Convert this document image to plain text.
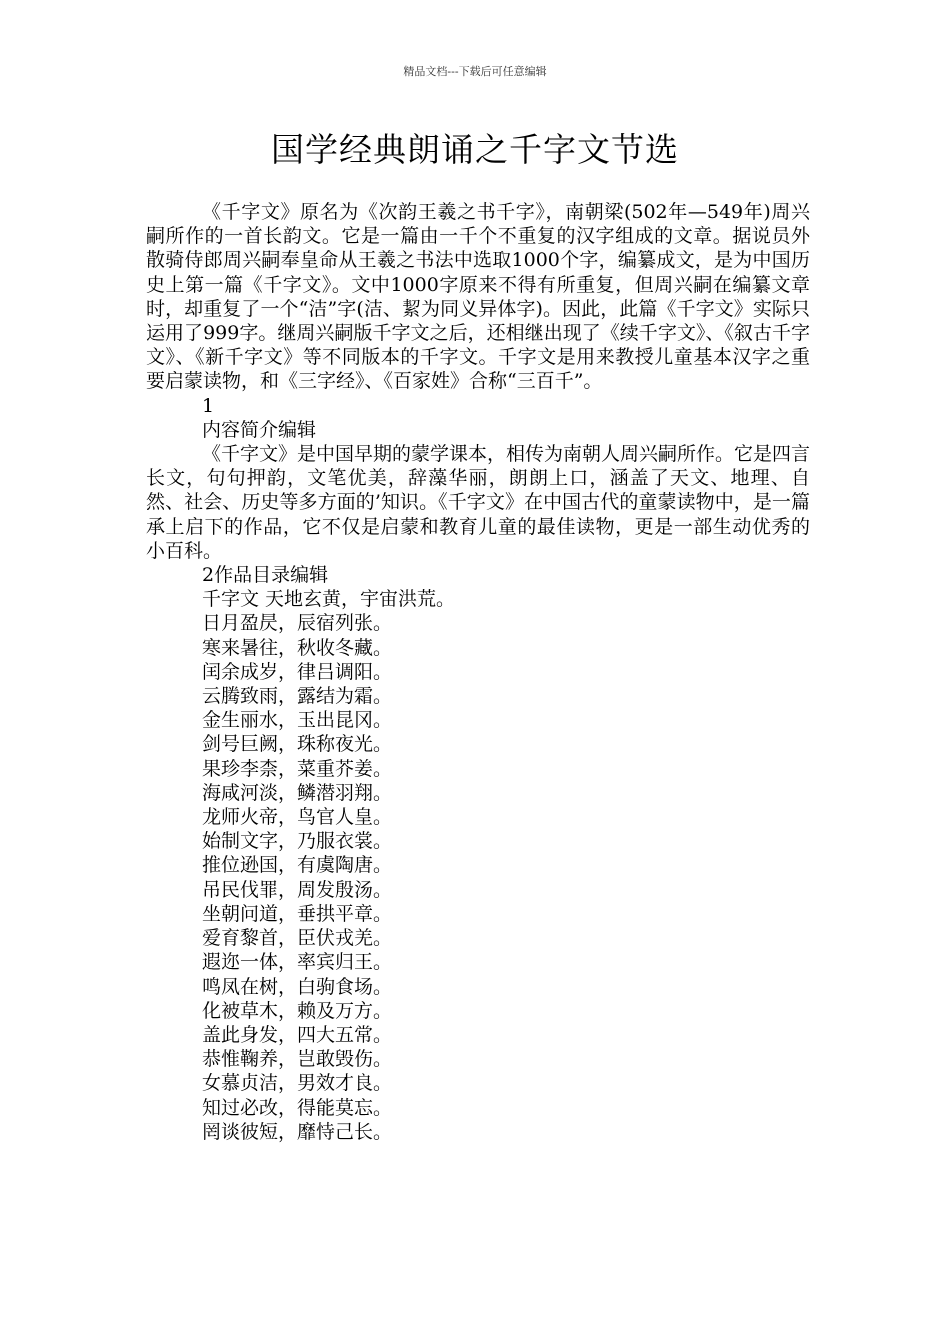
精品文档---下载后可任意编辑
国学经典朗诵之千字文节选

《千字文》原名为《次韵王羲之书千字》，南朝梁(502年—549年)周兴嗣所作的一首长韵文。它是一篇由一千个不重复的汉字组成的文章。据说员外散骑侍郎周兴嗣奉皇命从王羲之书法中选取1000个字，编纂成文，是为中国历史上第一篇《千字文》。文中1000字原来不得有所重复，但周兴嗣在编纂文章时，却重复了一个“洁”字(洁、絜为同义异体字)。因此，此篇《千字文》实际只运用了999字。继周兴嗣版千字文之后，还相继出现了《续千字文》、《叙古千字文》、《新千字文》等不同版本的千字文。千字文是用来教授儿童基本汉字之重要启蒙读物，和《三字经》、《百家姓》合称“三百千”。

1

内容简介编辑

《千字文》是中国早期的蒙学课本，相传为南朝人周兴嗣所作。它是四言长文，句句押韵，文笔优美，辞藻华丽，朗朗上口，涵盖了天文、地理、自然、社会、历史等多方面的’知识。《千字文》在中国古代的童蒙读物中，是一篇承上启下的作品，它不仅是启蒙和教育儿童的最佳读物，更是一部生动优秀的小百科。

2作品目录编辑

千字文 天地玄黄，宇宙洪荒。

日月盈昃，辰宿列张。

寒来暑往，秋收冬藏。

闰余成岁，律吕调阳。

云腾致雨，露结为霜。

金生丽水，玉出昆冈。

剑号巨阙，珠称夜光。

果珍李柰，菜重芥姜。

海咸河淡，鳞潜羽翔。

龙师火帝，鸟官人皇。

始制文字，乃服衣裳。

推位逊国，有虞陶唐。

吊民伐罪，周发殷汤。

坐朝问道，垂拱平章。

爱育黎首，臣伏戎羌。

遐迩一体，率宾归王。

鸣凤在树，白驹食场。

化被草木，赖及万方。

盖此身发，四大五常。

恭惟鞠养，岂敢毁伤。

女慕贞洁，男效才良。

知过必改，得能莫忘。

罔谈彼短，靡恃己长。
